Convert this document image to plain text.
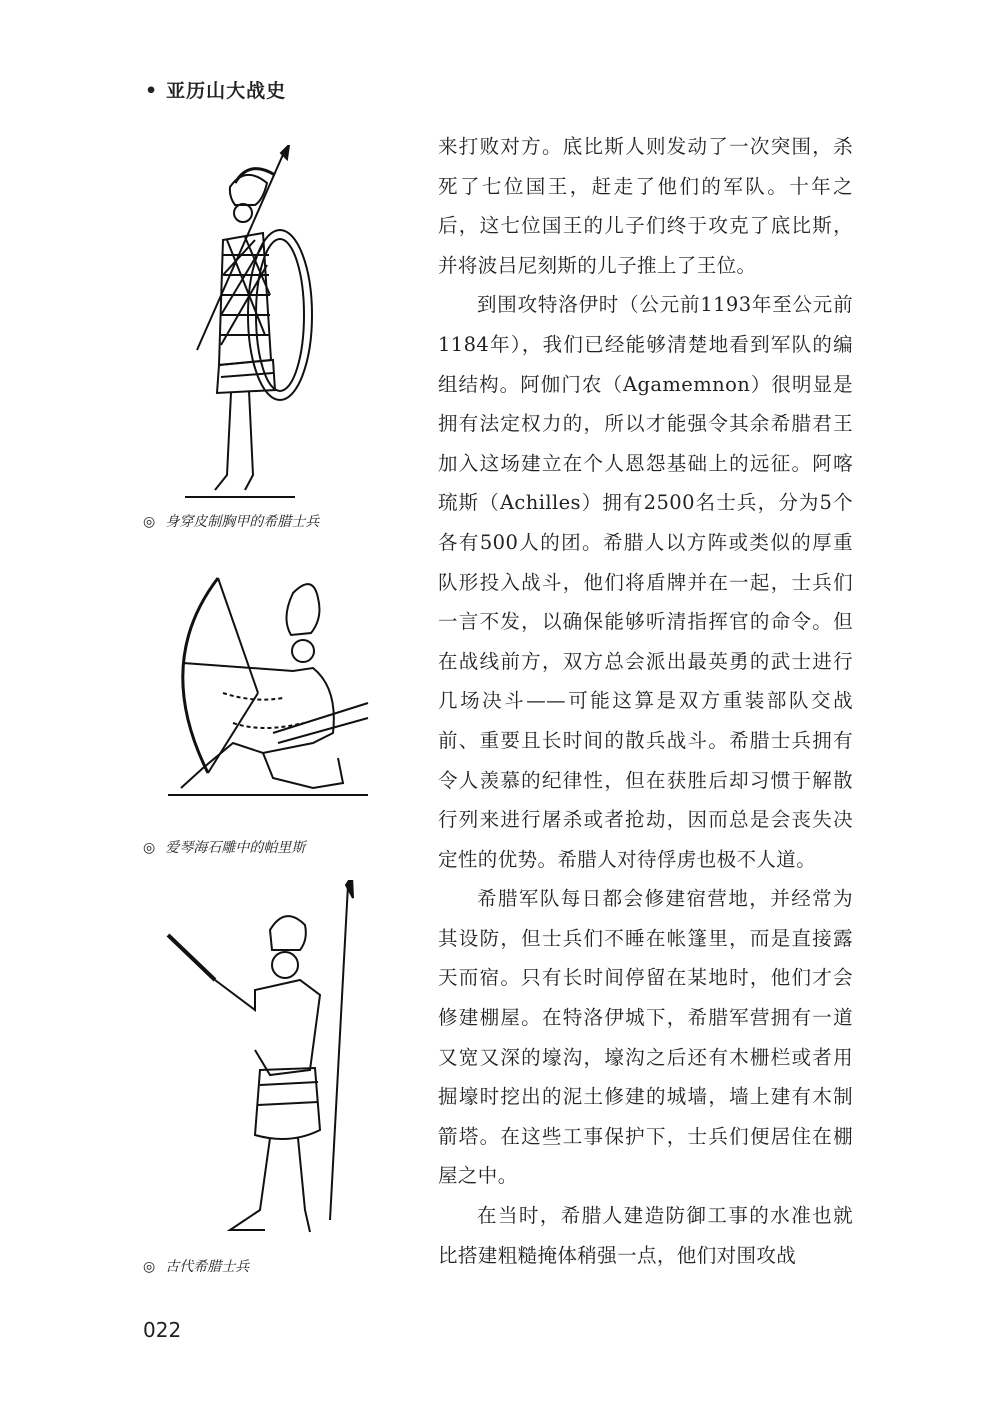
• 亚历山大战史
◎ 身穿皮制胸甲的希腊士兵
◎ 爱琴海石雕中的帕里斯
◎ 古代希腊士兵

来打败对方。底比斯人则发动了一次突围，杀死了七位国王，赶走了他们的军队。十年之后，这七位国王的儿子们终于攻克了底比斯，并将波吕尼刻斯的儿子推上了王位。

到围攻特洛伊时（公元前1193年至公元前1184年），我们已经能够清楚地看到军队的编组结构。阿伽门农（Agamemnon）很明显是拥有法定权力的，所以才能强令其余希腊君王加入这场建立在个人恩怨基础上的远征。阿喀琉斯（Achilles）拥有2500名士兵，分为5个各有500人的团。希腊人以方阵或类似的厚重队形投入战斗，他们将盾牌并在一起，士兵们一言不发，以确保能够听清指挥官的命令。但在战线前方，双方总会派出最英勇的武士进行几场决斗——可能这算是双方重装部队交战前、重要且长时间的散兵战斗。希腊士兵拥有令人羡慕的纪律性，但在获胜后却习惯于解散行列来进行屠杀或者抢劫，因而总是会丧失决定性的优势。希腊人对待俘虏也极不人道。

希腊军队每日都会修建宿营地，并经常为其设防，但士兵们不睡在帐篷里，而是直接露天而宿。只有长时间停留在某地时，他们才会修建棚屋。在特洛伊城下，希腊军营拥有一道又宽又深的壕沟，壕沟之后还有木栅栏或者用掘壕时挖出的泥土修建的城墙，墙上建有木制箭塔。在这些工事保护下，士兵们便居住在棚屋之中。

在当时，希腊人建造防御工事的水准也就比搭建粗糙掩体稍强一点，他们对围攻战

022
